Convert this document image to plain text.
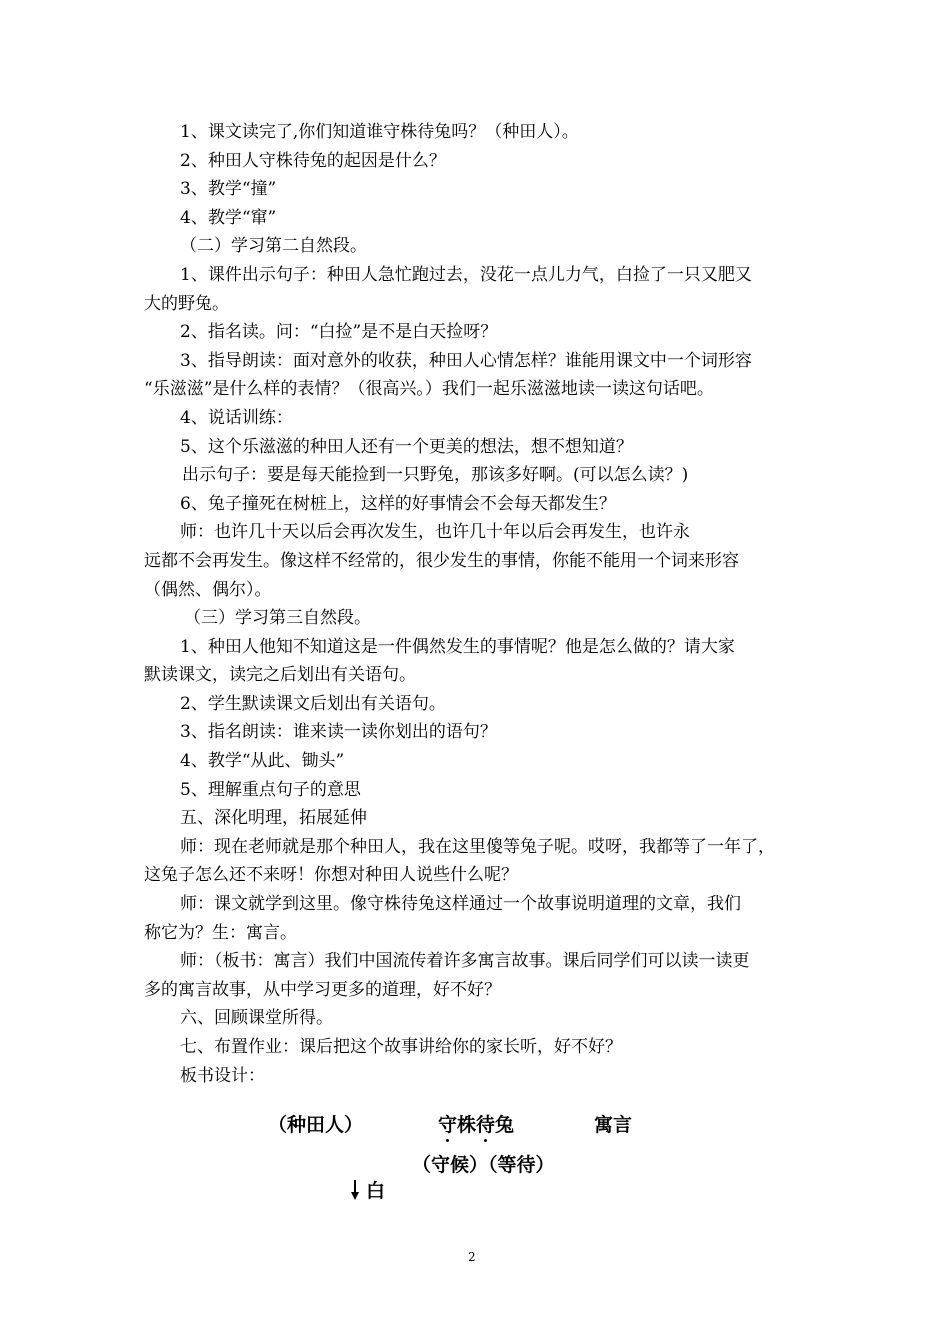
1、课文读完了,你们知道谁守株待兔吗？（种田人）。

2、种田人守株待兔的起因是什么？

3、教学“撞”

4、教学“窜”

（二）学习第二自然段。

1、课件出示句子：种田人急忙跑过去，没花一点儿力气，白捡了一只又肥又

大的野兔。

2、指名读。问：“白捡”是不是白天捡呀？

3、指导朗读：面对意外的收获，种田人心情怎样？谁能用课文中一个词形容

“乐滋滋”是什么样的表情？（很高兴。）我们一起乐滋滋地读一读这句话吧。

4、说话训练：

5、这个乐滋滋的种田人还有一个更美的想法，想不想知道？

出示句子：要是每天能捡到一只野兔，那该多好啊。(可以怎么读？)

6、兔子撞死在树桩上，这样的好事情会不会每天都发生？

师：也许几十天以后会再次发生，也许几十年以后会再发生，也许永

远都不会再发生。像这样不经常的，很少发生的事情，你能不能用一个词来形容

（偶然、偶尔）。

（三）学习第三自然段。

1、种田人他知不知道这是一件偶然发生的事情呢？他是怎么做的？请大家

默读课文，读完之后划出有关语句。

2、学生默读课文后划出有关语句。

3、指名朗读：谁来读一读你划出的语句？

4、教学“从此、锄头”

5、理解重点句子的意思

五、深化明理，拓展延伸

师：现在老师就是那个种田人，我在这里傻等兔子呢。哎呀，我都等了一年了，

这兔子怎么还不来呀！你想对种田人说些什么呢？

师：课文就学到这里。像守株待兔这样通过一个故事说明道理的文章，我们

称它为？生：寓言。

师：（板书：寓言）我们中国流传着许多寓言故事。课后同学们可以读一读更

多的寓言故事，从中学习更多的道理，好不好？

六、回顾课堂所得。

七、布置作业：课后把这个故事讲给你的家长听，好不好？

板书设计：

（种田人）	守株待兔	寓言
（守候）（等待）
白
2
